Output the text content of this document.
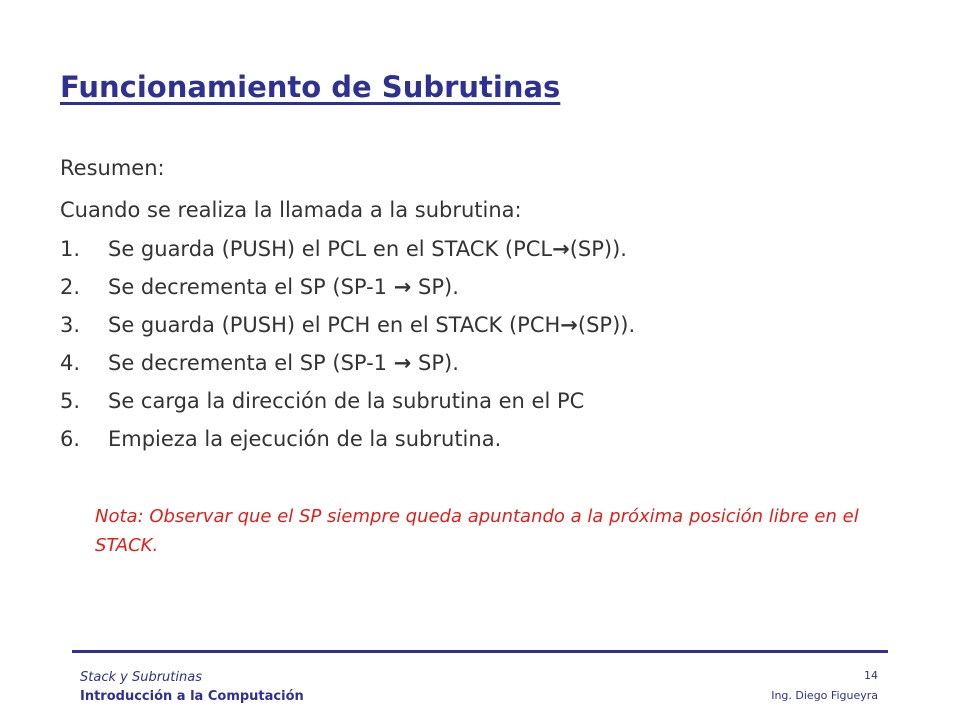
Funcionamiento de Subrutinas
Resumen:
Cuando se realiza la llamada a la subrutina:
1.	Se guarda (PUSH) el PCL en el STACK (PCL→(SP)).
2.	Se decrementa el SP (SP-1 → SP).
3.	Se guarda (PUSH) el PCH en el STACK (PCH→(SP)).
4.	Se decrementa el SP (SP-1 → SP).
5.	Se carga la dirección de la subrutina en el PC
6.	Empieza la ejecución de la subrutina.
Nota: Observar que el SP siempre queda apuntando a la próxima posición libre en el STACK.
Stack y Subrutinas
Introducción a la Computación
14
Ing. Diego Figueyra
